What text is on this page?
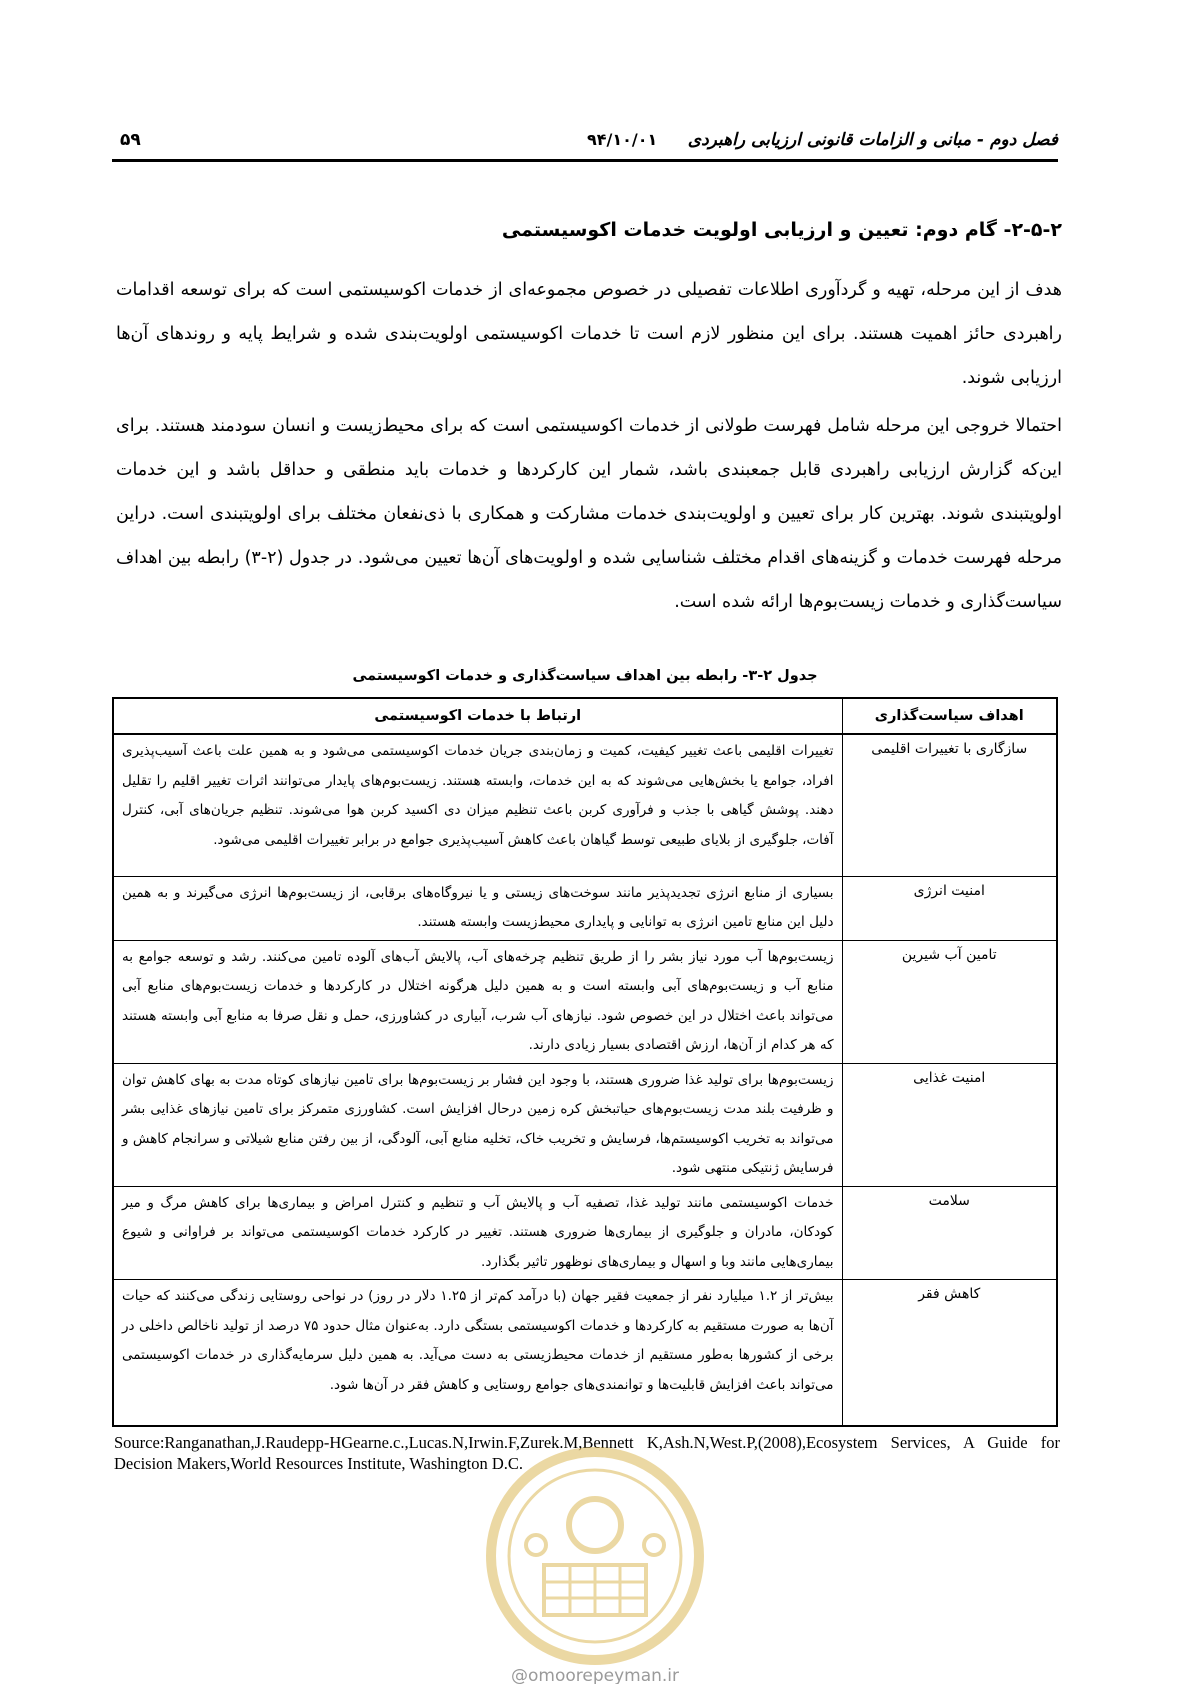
فصل دوم - مبانی و الزامات قانونی ارزیابی راهبردی
۹۴/۱۰/۰۱
۵۹
۲-۵-۲- گام دوم: تعیین و ارزیابی اولویت خدمات اکوسیستمی

هدف از این مرحله، تهیه و گردآوری اطلاعات تفصیلی در خصوص مجموعه‌ای از خدمات اکوسیستمی است که برای توسعه اقدامات راهبردی حائز اهمیت هستند. برای این منظور لازم است تا خدمات اکوسیستمی اولویت‌بندی شده و شرایط پایه و روندهای آن‌ها ارزیابی شوند.

احتمالا خروجی این مرحله شامل فهرست طولانی از خدمات اکوسیستمی است که برای محیط‌زیست و انسان سودمند هستند. برای این‌که گزارش ارزیابی راهبردی قابل جمعبندی باشد، شمار این کارکردها و خدمات باید منطقی و حداقل باشد و این خدمات اولویتبندی شوند. بهترین کار برای تعیین و اولویت‌بندی خدمات مشارکت و همکاری با ذی‌نفعان مختلف برای اولویتبندی است. دراین مرحله فهرست خدمات و گزینه‌های اقدام مختلف شناسایی شده و اولویت‌های آن‌ها تعیین می‌شود. در جدول (۲-۳) رابطه بین اهداف سیاست‌گذاری و خدمات زیست‌بوم‌ها ارائه شده است.

جدول ۲-۳- رابطه بین اهداف سیاست‌گذاری و خدمات اکوسیستمی
اهداف سیاست‌گذاری	ارتباط با خدمات اکوسیستمی
سازگاری با تغییرات اقلیمی	تغییرات اقلیمی باعث تغییر کیفیت، کمیت و زمان‌بندی جریان خدمات اکوسیستمی می‌شود و به همین علت باعث آسیب‌پذیری افراد، جوامع یا بخش‌هایی می‌شوند که به این خدمات، وابسته هستند. زیست‌بوم‌های پایدار می‌توانند اثرات تغییر اقلیم را تقلیل دهند. پوشش گیاهی با جذب و فرآوری کربن باعث تنظیم میزان دی اکسید کربن هوا می‌شوند. تنظیم جریان‌های آبی، کنترل آفات، جلوگیری از بلایای طبیعی توسط گیاهان باعث کاهش آسیب‌پذیری جوامع در برابر تغییرات اقلیمی می‌شود.
امنیت انرژی	بسیاری از منابع انرژی تجدیدپذیر مانند سوخت‌های زیستی و یا نیروگاه‌های برقابی، از زیست‌بوم‌ها انرژی می‌گیرند و به همین دلیل این منابع تامین انرژی به توانایی و پایداری محیط‌زیست وابسته هستند.
تامین آب شیرین	زیست‌بوم‌ها آب مورد نیاز بشر را از طریق تنظیم چرخه‌های آب، پالایش آب‌های آلوده تامین می‌کنند. رشد و توسعه جوامع به منابع آب و زیست‌بوم‌های آبی وابسته است و به همین دلیل هرگونه اختلال در کارکردها و خدمات زیست‌بوم‌های منابع آبی می‌تواند باعث اختلال در این خصوص شود. نیازهای آب شرب، آبیاری در کشاورزی، حمل و نقل صرفا به منابع آبی وابسته هستند که هر کدام از آن‌ها، ارزش اقتصادی بسیار زیادی دارند.
امنیت غذایی	زیست‌بوم‌ها برای تولید غذا ضروری هستند، با وجود این فشار بر زیست‌بوم‌ها برای تامین نیازهای کوتاه مدت به بهای کاهش توان و ظرفیت بلند مدت زیست‌بوم‌های حیاتبخش کره زمین درحال افزایش است. کشاورزی متمرکز برای تامین نیازهای غذایی بشر می‌تواند به تخریب اکوسیستم‌ها، فرسایش و تخریب خاک، تخلیه منابع آبی، آلودگی، از بین رفتن منابع شیلاتی و سرانجام کاهش و فرسایش ژنتیکی منتهی شود.
سلامت	خدمات اکوسیستمی مانند تولید غذا، تصفیه آب و پالایش آب و تنظیم و کنترل امراض و بیماری‌ها برای کاهش مرگ و میر کودکان، مادران و جلوگیری از بیماری‌ها ضروری هستند. تغییر در کارکرد خدمات اکوسیستمی می‌تواند بر فراوانی و شیوع بیماری‌هایی مانند وبا و اسهال و بیماری‌های نوظهور تاثیر بگذارد.
کاهش فقر	بیش‌تر از ۱.۲ میلیارد نفر از جمعیت فقیر جهان (با درآمد کم‌تر از ۱.۲۵ دلار در روز) در نواحی روستایی زندگی می‌کنند که حیات آن‌ها به صورت مستقیم به کارکردها و خدمات اکوسیستمی بستگی دارد. به‌عنوان مثال حدود ۷۵ درصد از تولید ناخالص داخلی در برخی از کشورها به‌طور مستقیم از خدمات محیط‌زیستی به دست می‌آید. به همین دلیل سرمایه‌گذاری در خدمات اکوسیستمی می‌تواند باعث افزایش قابلیت‌ها و توانمندی‌های جوامع روستایی و کاهش فقر در آن‌ها شود.
Source:Ranganathan,J.Raudepp-HGearne.c.,Lucas.N,Irwin.F,Zurek.M,Bennett K,Ash.N,West.P,(2008),Ecosystem Services, A Guide for Decision Makers,World Resources Institute, Washington D.C.
@omoorepeyman.ir
